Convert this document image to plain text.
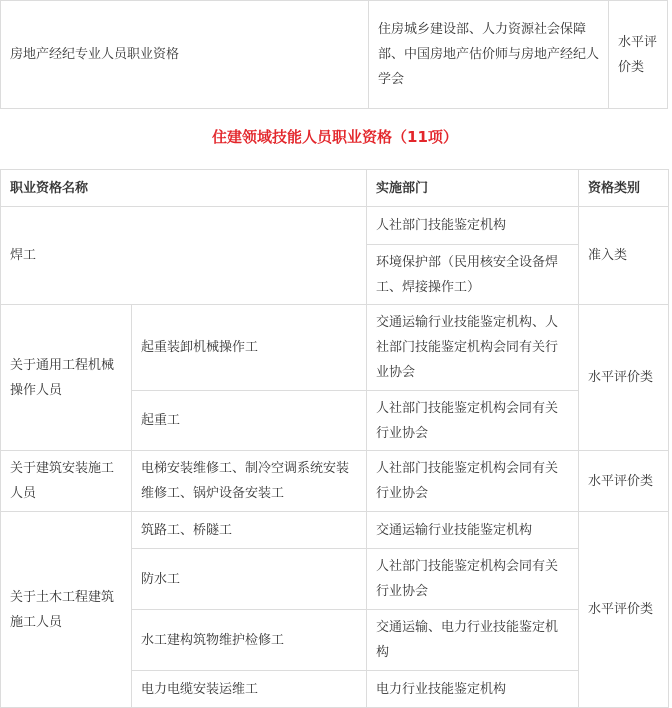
房地产经纪专业人员职业资格	住房城乡建设部、人力资源社会保障部、中国房地产估价师与房地产经纪人学会	水平评价类
住建领域技能人员职业资格（11项）
职业资格名称		实施部门	资格类别
焊工		人社部门技能鉴定机构	准入类
		环境保护部（民用核安全设备焊工、焊接操作工）	
关于通用工程机械操作人员	起重装卸机械操作工	交通运输行业技能鉴定机构、人社部门技能鉴定机构会同有关行业协会	水平评价类
	起重工	人社部门技能鉴定机构会同有关行业协会	
关于建筑安装施工人员	电梯安装维修工、制冷空调系统安装维修工、锅炉设备安装工	人社部门技能鉴定机构会同有关行业协会	水平评价类
关于土木工程建筑施工人员	筑路工、桥隧工	交通运输行业技能鉴定机构	水平评价类
	防水工	人社部门技能鉴定机构会同有关行业协会	
	水工建构筑物维护检修工	交通运输、电力行业技能鉴定机构	
	电力电缆安装运维工	电力行业技能鉴定机构	
